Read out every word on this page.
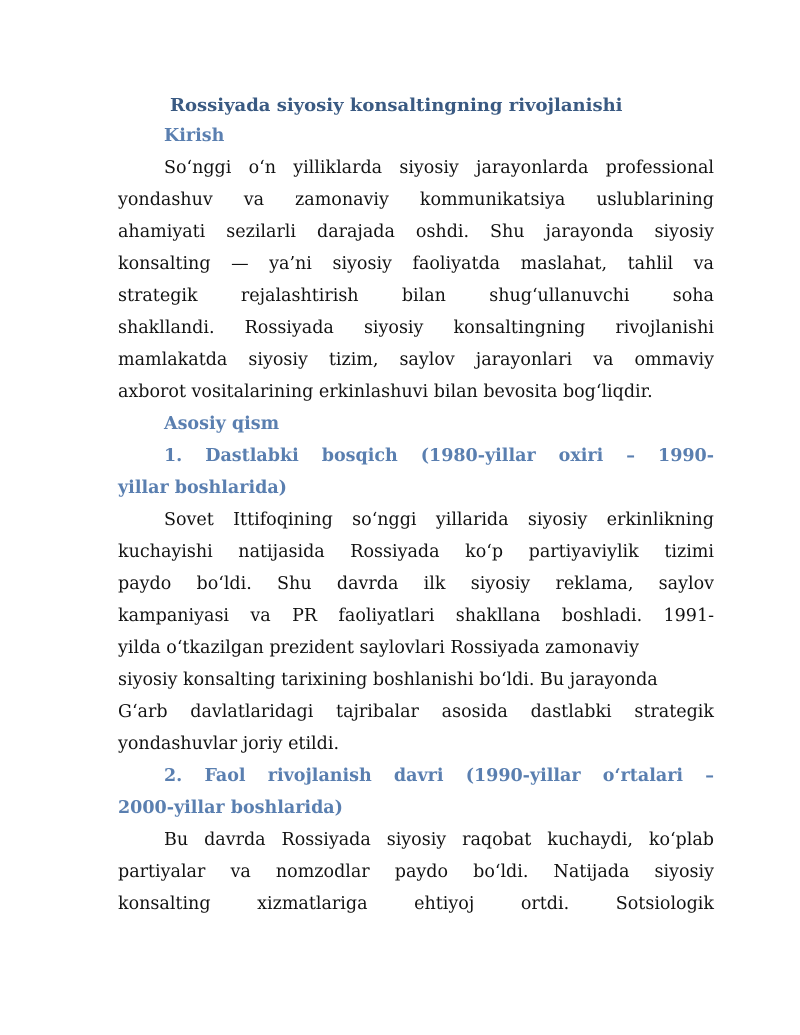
Rossiyada siyosiy konsaltingning rivojlanishi

Kirish

So‘nggi o‘n yilliklarda siyosiy jarayonlarda professional
yondashuv va zamonaviy kommunikatsiya uslublarining
ahamiyati sezilarli darajada oshdi. Shu jarayonda siyosiy
konsalting — ya’ni siyosiy faoliyatda maslahat, tahlil va
strategik rejalashtirish bilan shug‘ullanuvchi soha
shakllandi. Rossiyada siyosiy konsaltingning rivojlanishi
mamlakatda siyosiy tizim, saylov jarayonlari va ommaviy
axborot vositalarining erkinlashuvi bilan bevosita bog‘liqdir.

Asosiy qism

1. Dastlabki bosqich (1980-yillar oxiri – 1990-
yillar boshlarida)
Sovet Ittifoqining so‘nggi yillarida siyosiy erkinlikning
kuchayishi natijasida Rossiyada ko‘p partiyaviylik tizimi
paydo bo‘ldi. Shu davrda ilk siyosiy reklama, saylov
kampaniyasi va PR faoliyatlari shakllana boshladi. 1991-
yilda o‘tkazilgan prezident saylovlari Rossiyada zamonaviy
siyosiy konsalting tarixining boshlanishi bo‘ldi. Bu jarayonda
G‘arb davlatlaridagi tajribalar asosida dastlabki strategik
yondashuvlar joriy etildi.
2. Faol rivojlanish davri (1990-yillar o‘rtalari –
2000-yillar boshlarida)
Bu davrda Rossiyada siyosiy raqobat kuchaydi, ko‘plab
partiyalar va nomzodlar paydo bo‘ldi. Natijada siyosiy
konsalting xizmatlariga ehtiyoj ortdi. Sotsiologik
